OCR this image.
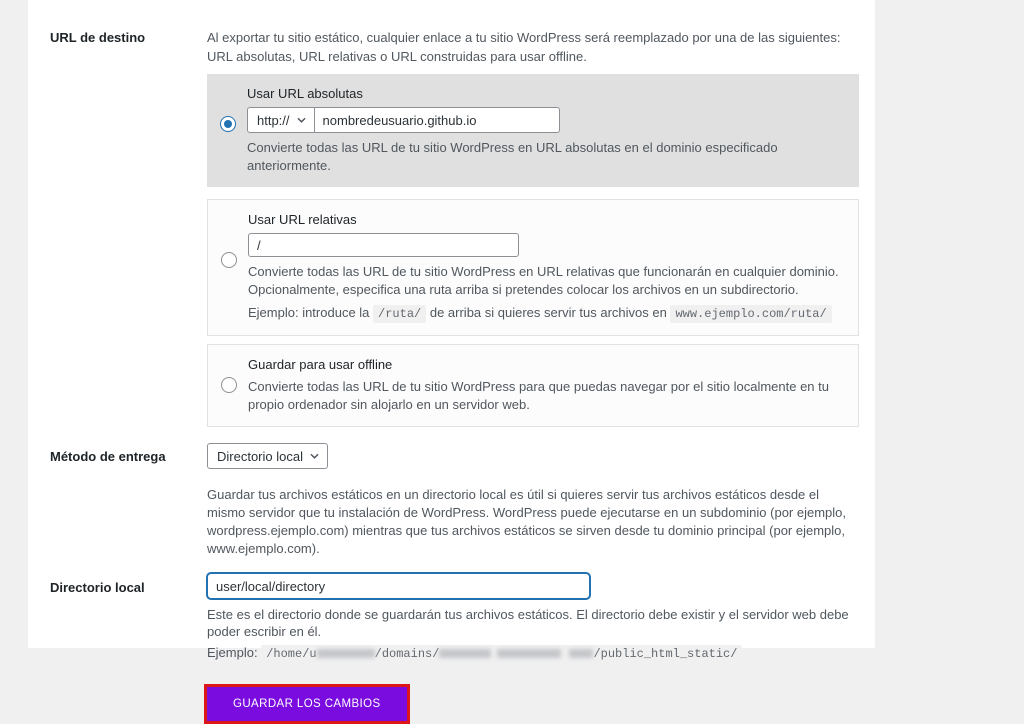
URL de destino	Al exportar tu sitio estático, cualquier enlace a tu sitio WordPress será reemplazado por una de las siguientes: URL absolutas, URL relativas o URL construidas para usar offline.

Usar URL absolutas
http://
nombredeusuario.github.io
Convierte todas las URL de tu sitio WordPress en URL absolutas en el dominio especificado anteriormente.
Usar URL relativas
/
Convierte todas las URL de tu sitio WordPress en URL relativas que funcionarán en cualquier dominio. Opcionalmente, especifica una ruta arriba si pretendes colocar los archivos en un subdirectorio.
Ejemplo: introduce la /ruta/ de arriba si quieres servir tus archivos en www.ejemplo.com/ruta/
Guardar para usar offline
Convierte todas las URL de tu sitio WordPress para que puedas navegar por el sitio localmente en tu propio ordenador sin alojarlo en un servidor web.
Método de entrega	Directorio local

Guardar tus archivos estáticos en un directorio local es útil si quieres servir tus archivos estáticos desde el mismo servidor que tu instalación de WordPress. WordPress puede ejecutarse en un subdominio (por ejemplo, wordpress.ejemplo.com) mientras que tus archivos estáticos se sirven desde tu dominio principal (por ejemplo, www.ejemplo.com).

Directorio local
user/local/directory
Este es el directorio donde se guardarán tus archivos estáticos. El directorio debe existir y el servidor web debe poder escribir en él.
Ejemplo: /home/u	/domains/	/public_html_static/
GUARDAR LOS CAMBIOS
